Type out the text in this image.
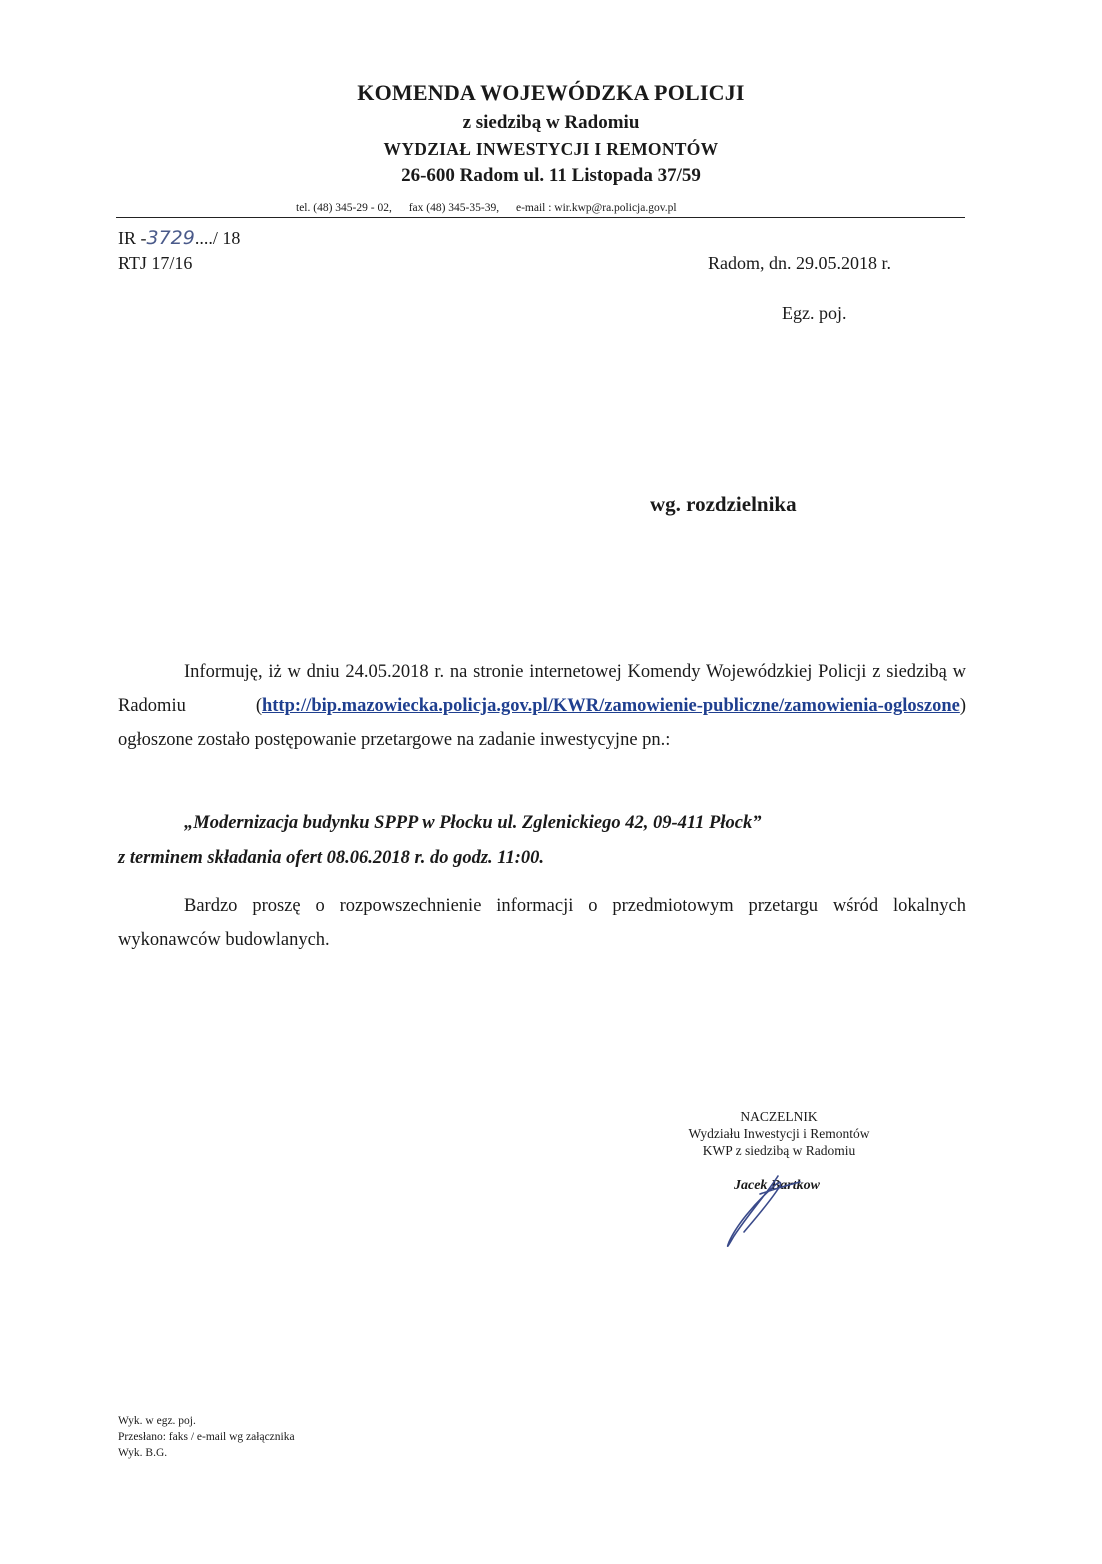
KOMENDA WOJEWÓDZKA POLICJI
z siedzibą w Radomiu
WYDZIAŁ INWESTYCJI I REMONTÓW
26-600 Radom ul. 11 Listopada 37/59
tel. (48) 345-29 - 02, fax (48) 345-35-39, e-mail : wir.kwp@ra.policja.gov.pl
IR -3729..../ 18
RTJ 17/16	Radom, dn. 29.05.2018 r.
Egz. poj.
wg. rozdzielnika
Informuję, iż w dniu 24.05.2018 r. na stronie internetowej Komendy Wojewódzkiej Policji z siedzibą w Radomiu (http://bip.mazowiecka.policja.gov.pl/KWR/zamowienie-publiczne/zamowienia-ogloszone) ogłoszone zostało postępowanie przetargowe na zadanie inwestycyjne pn.:
„Modernizacja budynku SPPP w Płocku ul. Zglenickiego 42, 09-411 Płock”
z terminem składania ofert 08.06.2018 r. do godz. 11:00.
Bardzo proszę o rozpowszechnienie informacji o przedmiotowym przetargu wśród lokalnych wykonawców budowlanych.
NACZELNIK
Wydziału Inwestycji i Remontów
KWP z siedzibą w Radomiu
Jacek Bartkow
Wyk. w egz. poj.
Przesłano: faks / e-mail wg załącznika
Wyk. B.G.
